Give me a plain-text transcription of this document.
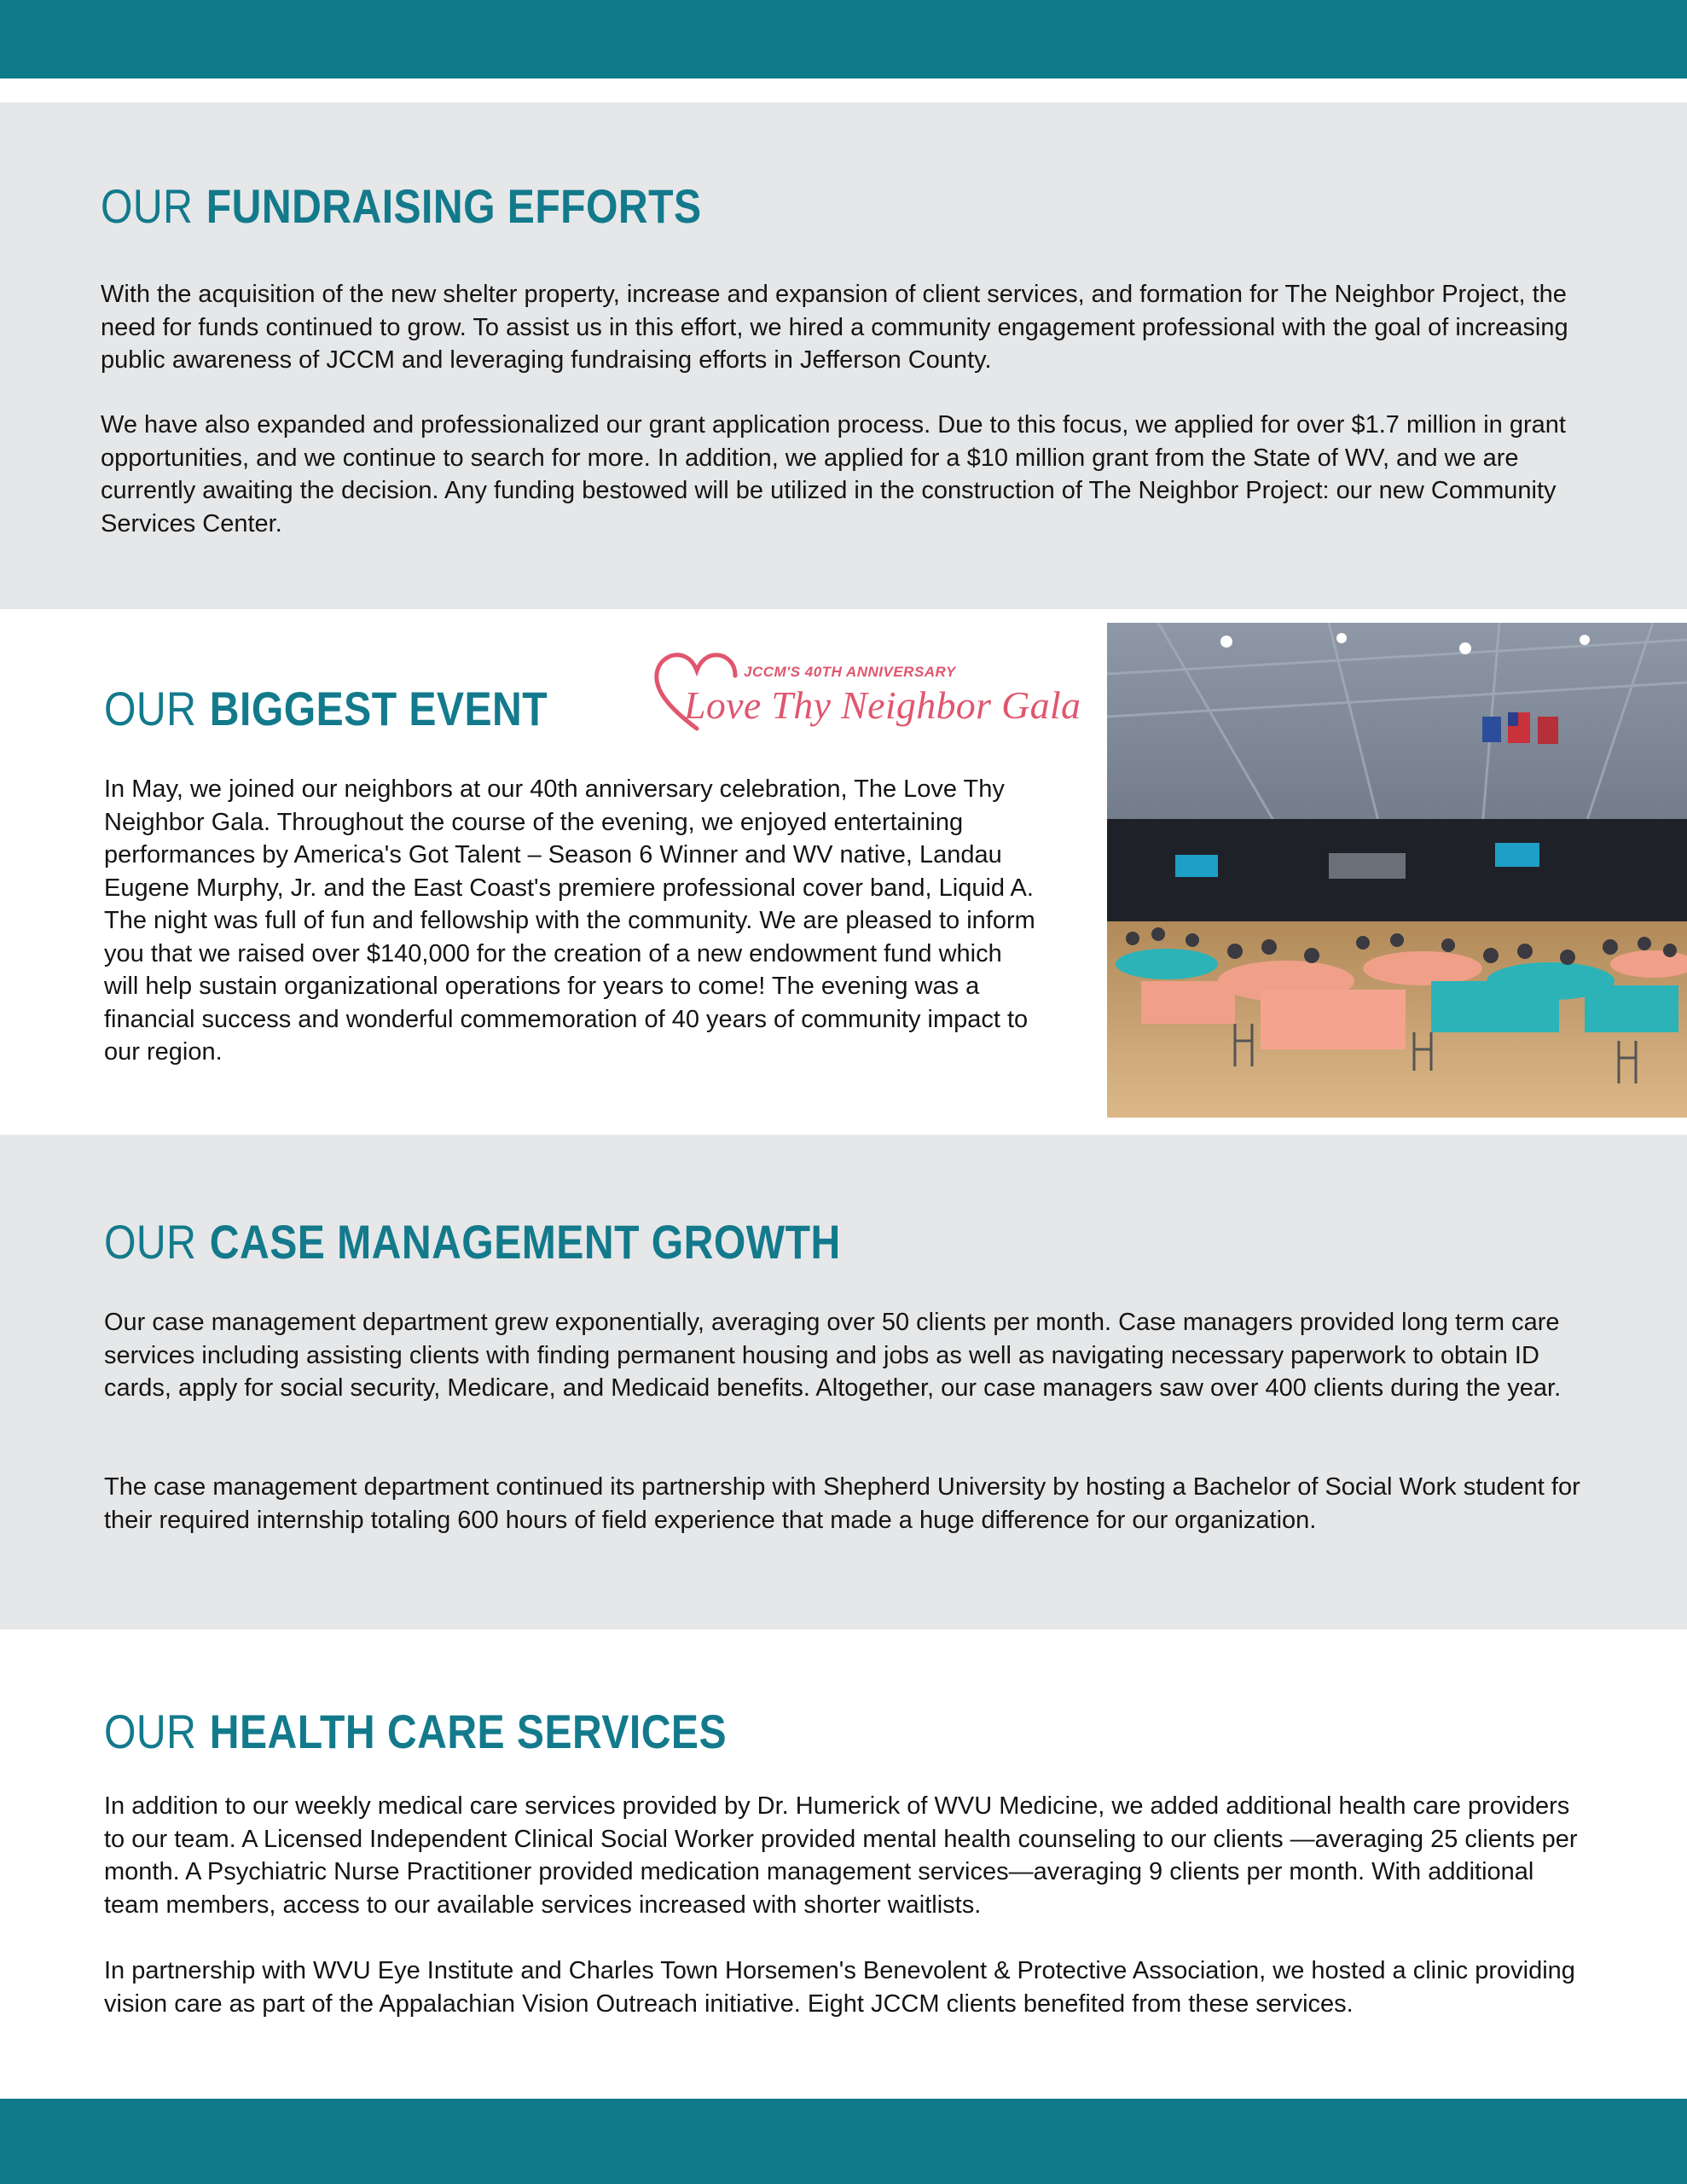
OUR FUNDRAISING EFFORTS

With the acquisition of the new shelter property, increase and expansion of client services, and formation for The Neighbor Project, the need for funds continued to grow. To assist us in this effort, we hired a community engagement professional with the goal of increasing public awareness of JCCM and leveraging fundraising efforts in Jefferson County.

We have also expanded and professionalized our grant application process. Due to this focus, we applied for over $1.7 million in grant opportunities, and we continue to search for more. In addition, we applied for a $10 million grant from the State of WV, and we are currently awaiting the decision. Any funding bestowed will be utilized in the construction of The Neighbor Project: our new Community Services Center.

OUR BIGGEST EVENT
JCCM'S 40TH ANNIVERSARY
Love Thy Neighbor Gala

In May, we joined our neighbors at our 40th anniversary celebration, The Love Thy Neighbor Gala. Throughout the course of the evening, we enjoyed entertaining performances by America's Got Talent – Season 6 Winner and WV native, Landau Eugene Murphy, Jr. and the East Coast's premiere professional cover band, Liquid A. The night was full of fun and fellowship with the community. We are pleased to inform you that we raised over $140,000 for the creation of a new endowment fund which will help sustain organizational operations for years to come! The evening was a financial success and wonderful commemoration of 40 years of community impact to our region.

OUR CASE MANAGEMENT GROWTH

Our case management department grew exponentially, averaging over 50 clients per month. Case managers provided long term care services including assisting clients with finding permanent housing and jobs as well as navigating necessary paperwork to obtain ID cards, apply for social security, Medicare, and Medicaid benefits. Altogether, our case managers saw over 400 clients during the year.

The case management department continued its partnership with Shepherd University by hosting a Bachelor of Social Work student for their required internship totaling 600 hours of field experience that made a huge difference for our organization.

OUR HEALTH CARE SERVICES

In addition to our weekly medical care services provided by Dr. Humerick of WVU Medicine, we added additional health care providers to our team. A Licensed Independent Clinical Social Worker provided mental health counseling to our clients —averaging 25 clients per month. A Psychiatric Nurse Practitioner provided medication management services—averaging 9 clients per month. With additional team members, access to our available services increased with shorter waitlists.

In partnership with WVU Eye Institute and Charles Town Horsemen's Benevolent & Protective Association, we hosted a clinic providing vision care as part of the Appalachian Vision Outreach initiative. Eight JCCM clients benefited from these services.
